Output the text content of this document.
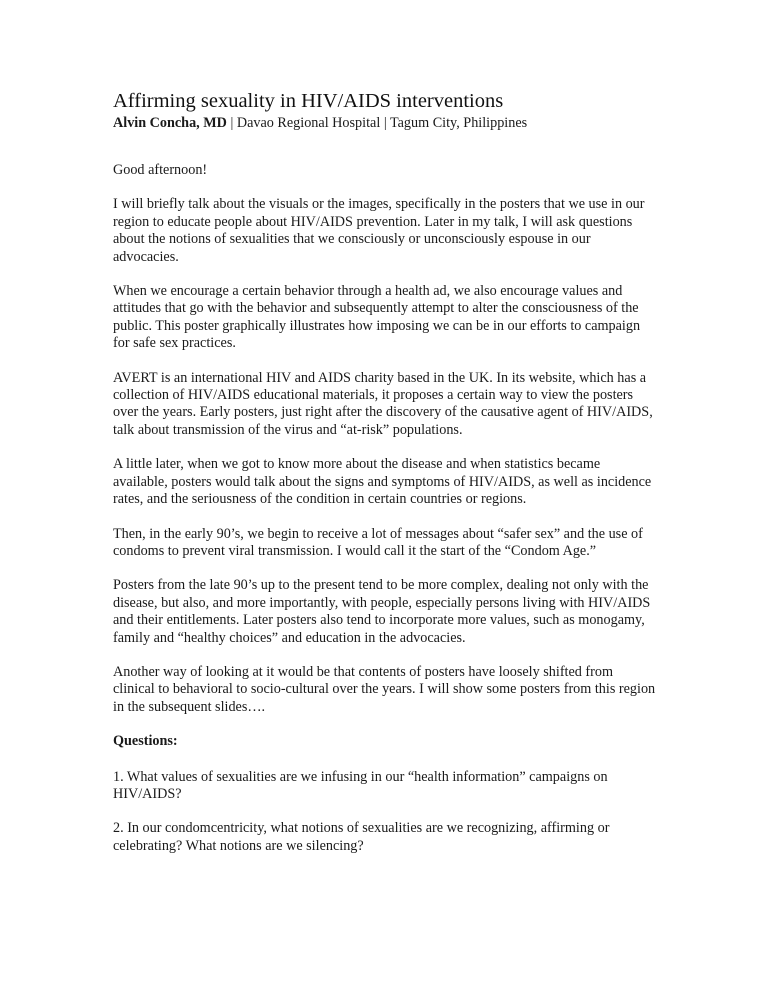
Affirming sexuality in HIV/AIDS interventions
Alvin Concha, MD | Davao Regional Hospital | Tagum City, Philippines

Good afternoon!

I will briefly talk about the visuals or the images, specifically in the posters that we use in our region to educate people about HIV/AIDS prevention. Later in my talk, I will ask questions about the notions of sexualities that we consciously or unconsciously espouse in our advocacies.

When we encourage a certain behavior through a health ad, we also encourage values and attitudes that go with the behavior and subsequently attempt to alter the consciousness of the public. This poster graphically illustrates how imposing we can be in our efforts to campaign for safe sex practices.

AVERT is an international HIV and AIDS charity based in the UK. In its website, which has a collection of HIV/AIDS educational materials, it proposes a certain way to view the posters over the years. Early posters, just right after the discovery of the causative agent of HIV/AIDS, talk about transmission of the virus and “at-risk” populations.

A little later, when we got to know more about the disease and when statistics became available, posters would talk about the signs and symptoms of HIV/AIDS, as well as incidence rates, and the seriousness of the condition in certain countries or regions.

Then, in the early 90’s, we begin to receive a lot of messages about “safer sex” and the use of condoms to prevent viral transmission. I would call it the start of the “Condom Age.”

Posters from the late 90’s up to the present tend to be more complex, dealing not only with the disease, but also, and more importantly, with people, especially persons living with HIV/AIDS and their entitlements. Later posters also tend to incorporate more values, such as monogamy, family and “healthy choices” and education in the advocacies.

Another way of looking at it would be that contents of posters have loosely shifted from clinical to behavioral to socio-cultural over the years. I will show some posters from this region in the subsequent slides….

Questions:

1. What values of sexualities are we infusing in our “health information” campaigns on HIV/AIDS?

2. In our condomcentricity, what notions of sexualities are we recognizing, affirming or celebrating? What notions are we silencing?
